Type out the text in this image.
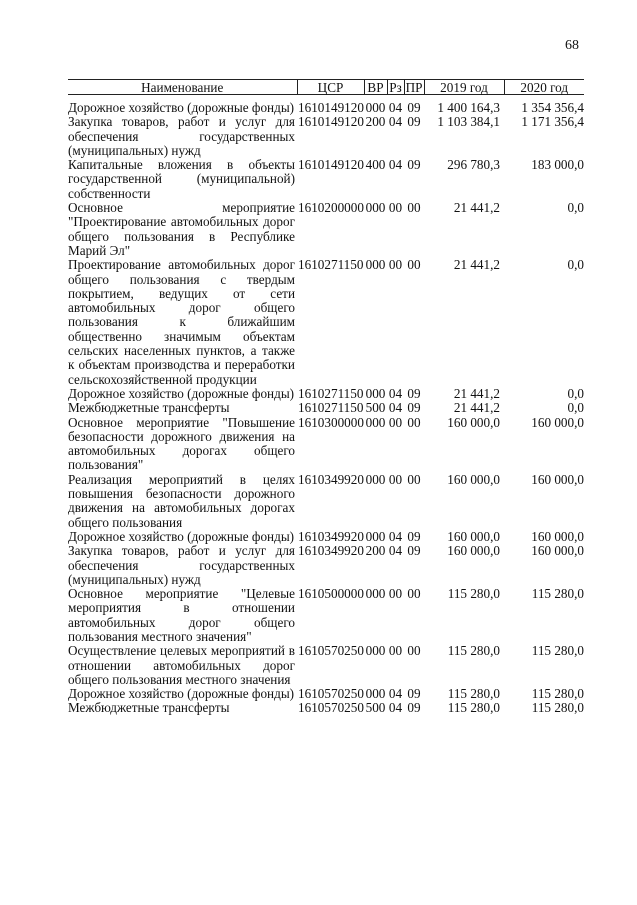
68
Наименование	ЦСР	ВР	Рз	ПР	2019 год	2020 год
Дорожное хозяйство (дорожные фонды)	1610149120	000	04	09	1 400 164,3	1 354 356,4
Закупка товаров, работ и услуг для обеспечения государственных (муниципальных) нужд	1610149120	200	04	09	1 103 384,1	1 171 356,4
Капитальные вложения в объекты государственной (муниципальной) собственности	1610149120	400	04	09	296 780,3	183 000,0
Основное мероприятие "Проектирование автомобильных дорог общего пользования в Республике Марий Эл"	1610200000	000	00	00	21 441,2	0,0
Проектирование автомобильных дорог общего пользования с твердым покрытием, ведущих от сети автомобильных дорог общего пользования к ближайшим общественно значимым объектам сельских населенных пунктов, а также к объектам производства и переработки сельскохозяйственной продукции	1610271150	000	00	00	21 441,2	0,0
Дорожное хозяйство (дорожные фонды)	1610271150	000	04	09	21 441,2	0,0
Межбюджетные трансферты	1610271150	500	04	09	21 441,2	0,0
Основное мероприятие "Повышение безопасности дорожного движения на автомобильных дорогах общего пользования"	1610300000	000	00	00	160 000,0	160 000,0
Реализация мероприятий в целях повышения безопасности дорожного движения на автомобильных дорогах общего пользования	1610349920	000	00	00	160 000,0	160 000,0
Дорожное хозяйство (дорожные фонды)	1610349920	000	04	09	160 000,0	160 000,0
Закупка товаров, работ и услуг для обеспечения государственных (муниципальных) нужд	1610349920	200	04	09	160 000,0	160 000,0
Основное мероприятие "Целевые мероприятия в отношении автомобильных дорог общего пользования местного значения"	1610500000	000	00	00	115 280,0	115 280,0
Осуществление целевых мероприятий в отношении автомобильных дорог общего пользования местного значения	1610570250	000	00	00	115 280,0	115 280,0
Дорожное хозяйство (дорожные фонды)	1610570250	000	04	09	115 280,0	115 280,0
Межбюджетные трансферты	1610570250	500	04	09	115 280,0	115 280,0
